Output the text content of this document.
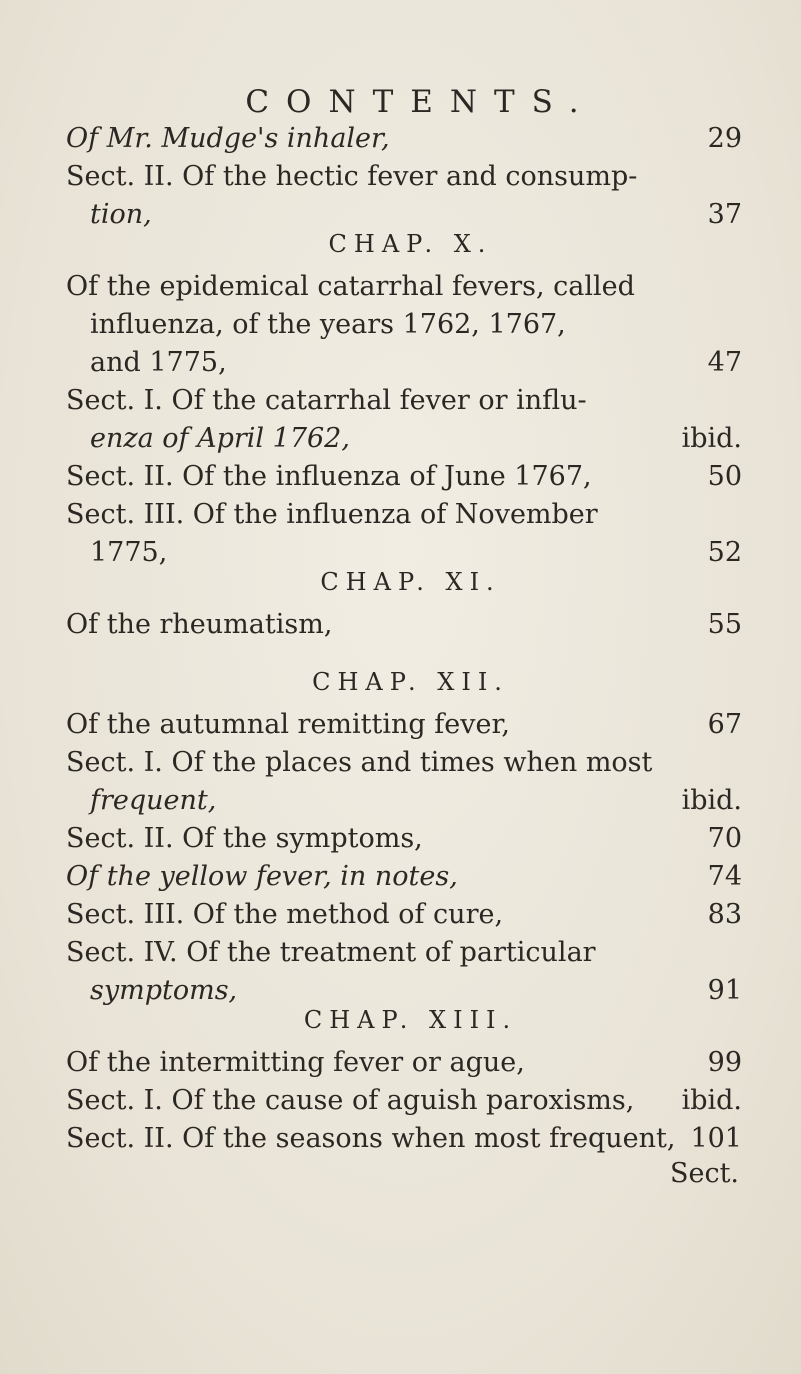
CONTENTS.
Of Mr. Mudge's inhaler,	29
Sect. II. Of the hectic fever and consump-
tion,	37
CHAP. X.
Of the epidemical catarrhal fevers, called
influenza, of the years 1762, 1767,
and 1775,	47
Sect. I. Of the catarrhal fever or influ-
enza of April 1762,	ibid.
Sect. II. Of the influenza of June 1767,	50
Sect. III. Of the influenza of November
1775,	52
CHAP. XI.
Of the rheumatism,	55
CHAP. XII.
Of the autumnal remitting fever,	67
Sect. I. Of the places and times when most
frequent,	ibid.
Sect. II. Of the symptoms,	70
Of the yellow fever, in notes,	74
Sect. III. Of the method of cure,	83
Sect. IV. Of the treatment of particular
symptoms,	91
CHAP. XIII.
Of the intermitting fever or ague,	99
Sect. I. Of the cause of aguish paroxisms, ibid.
Sect. II. Of the seasons when most frequent, 101
Sect.
